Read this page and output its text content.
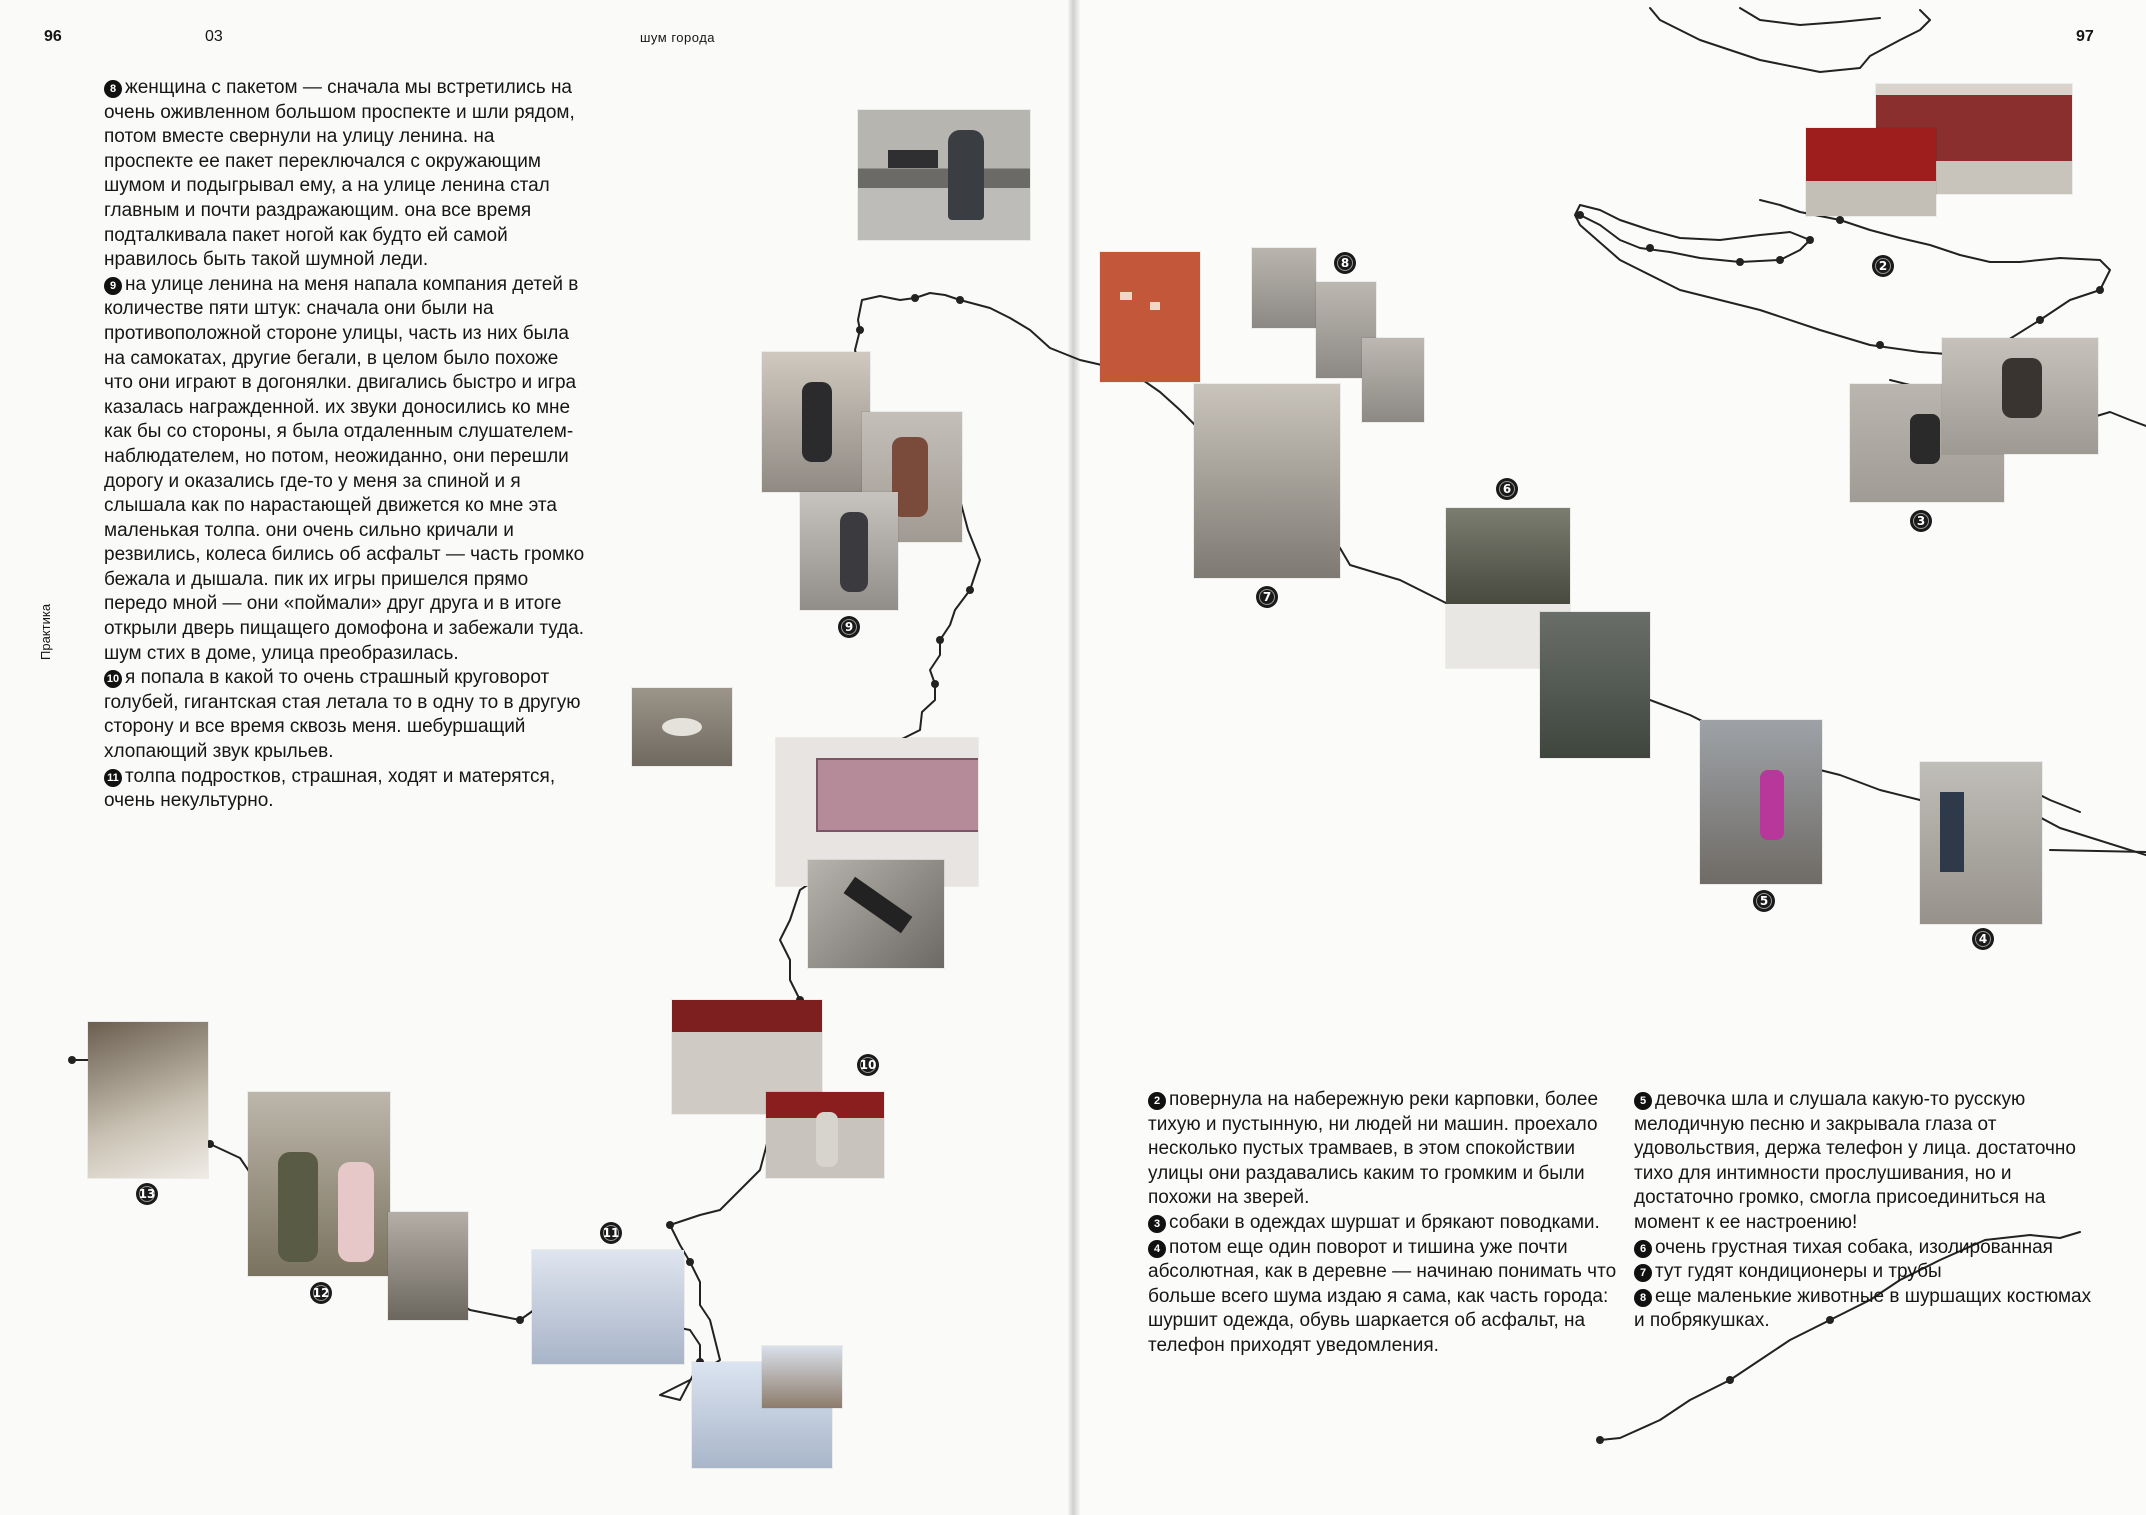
96	03	шум города	97
Практика

8 женщина с пакетом — сначала мы встретились на очень оживленном большом проспекте и шли рядом, потом вместе свернули на улицу ленина. на проспекте ее пакет переключался с окружающим шумом и подыгрывал ему, а на улице ленина стал главным и почти раздражающим. она все время подталкивала пакет ногой как будто ей самой нравилось быть такой шумной леди.

9 на улице ленина на меня напала компания детей в количестве пяти штук: сначала они были на противоположной стороне улицы, часть из них была на самокатах, другие бегали, в целом было похоже что они играют в догонялки. двигались быстро и игра казалась награжденной. их звуки доносились ко мне как бы со стороны, я была отдаленным слушателем-наблюдателем, но потом, неожиданно, они перешли дорогу и оказались где-то у меня за спиной и я слышала как по нарастающей движется ко мне эта маленькая толпа. они очень сильно кричали и резвились, колеса бились об асфальт — часть громко бежала и дышала. пик их игры пришелся прямо передо мной — они «поймали» друг друга и в итоге открыли дверь пищащего домофона и забежали туда. шум стих в доме, улица преобразилась.

10 я попала в какой то очень страшный круговорот голубей, гигантская стая летала то в одну то в другую сторону и все время сквозь меня. шебуршащий хлопающий звук крыльев.

11 толпа подростков, страшная, ходят и матерятся, очень некультурно.

2 повернула на набережную реки карповки, более тихую и пустынную, ни людей ни машин. проехало несколько пустых трамваев, в этом спокойствии улицы они раздавались каким то громким и были похожи на зверей.

3 собаки в одеждах шуршат и брякают поводками.

4 потом еще один поворот и тишина уже почти абсолютная, как в деревне — начинаю понимать что больше всего шума издаю я сама, как часть города: шуршит одежда, обувь шаркается об асфальт, на телефон приходят уведомления.

5 девочка шла и слушала какую-то русскую мелодичную песню и закрывала глаза от удовольствия, держа телефон у лица. достаточно тихо для интимности прослушивания, но и достаточно громко, смогла присоединиться на момент к ее настроению!

6 очень грустная тихая собака, изолированная

7 тут гудят кондиционеры и трубы

8 еще маленькие животные в шуршащих костюмах и побрякушках.

9
10
13
12
11
7
8
6
5
4
3
2
